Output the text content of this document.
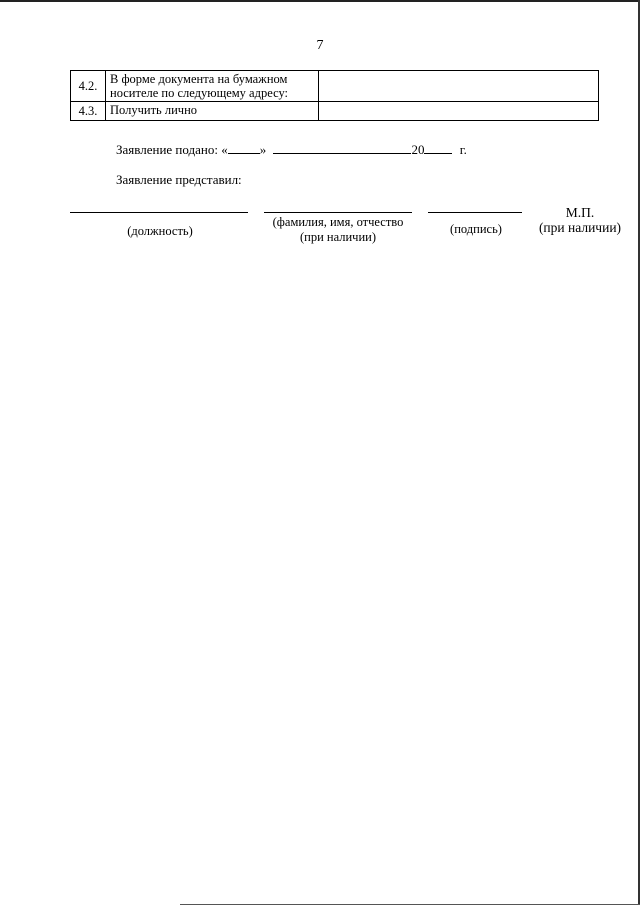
7
4.2.	В форме документа на бумажном носителе по следующему адресу:	
4.3.	Получить лично	
Заявление подано: « »	20	г.
Заявление представил:
(должность)
(фамилия, имя, отчество
(при наличии)
(подпись)
М.П.
(при наличии)
